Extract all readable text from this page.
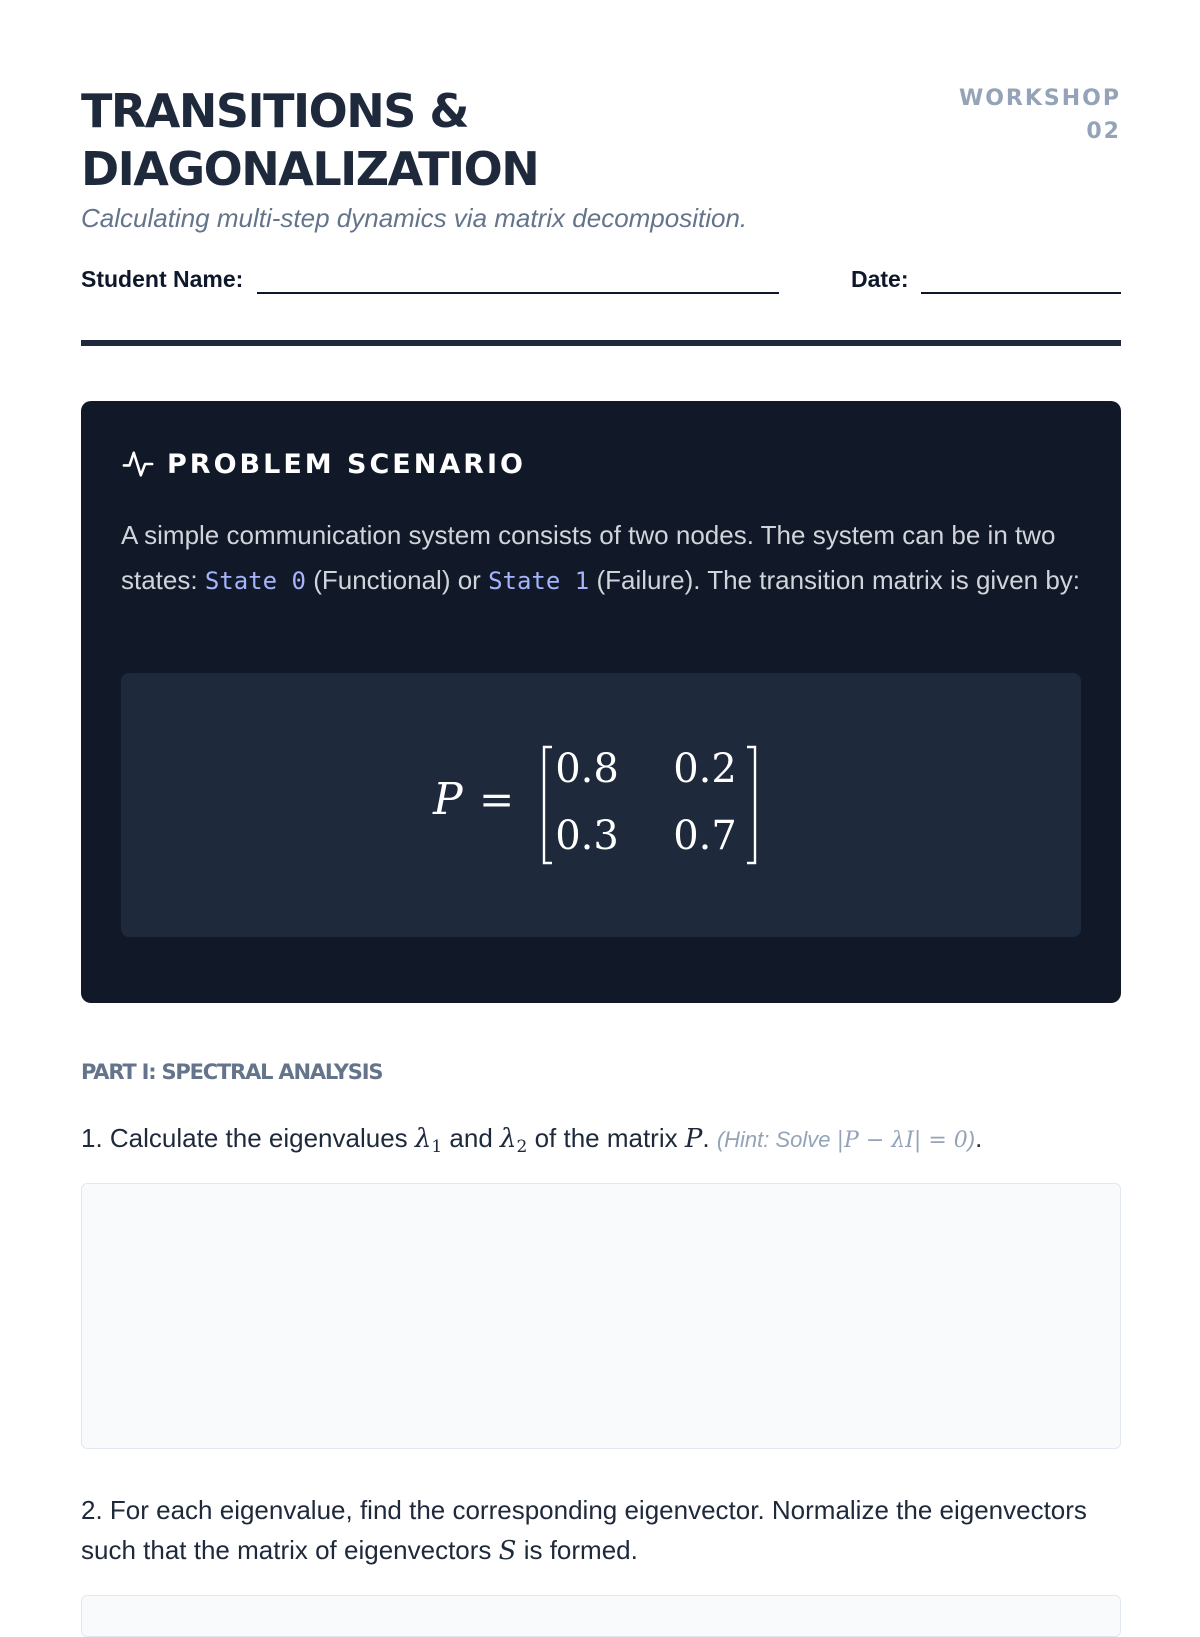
TRANSITIONS &
DIAGONALIZATION
WORKSHOP
02
Calculating multi-step dynamics via matrix decomposition.
Student Name:	Date:
PROBLEM SCENARIO

A simple communication system consists of two nodes. The system can be in two states: State 0 (Functional) or State 1 (Failure). The transition matrix is given by:

P =
0.8 0.2
0.3 0.7
PART I: SPECTRAL ANALYSIS

1. Calculate the eigenvalues $\lambda_1$ and $\lambda_2$ of the matrix P. (Hint: Solve |P − λI| = 0).

2. For each eigenvalue, find the corresponding eigenvector. Normalize the eigenvectors such that the matrix of eigenvectors S is formed.
